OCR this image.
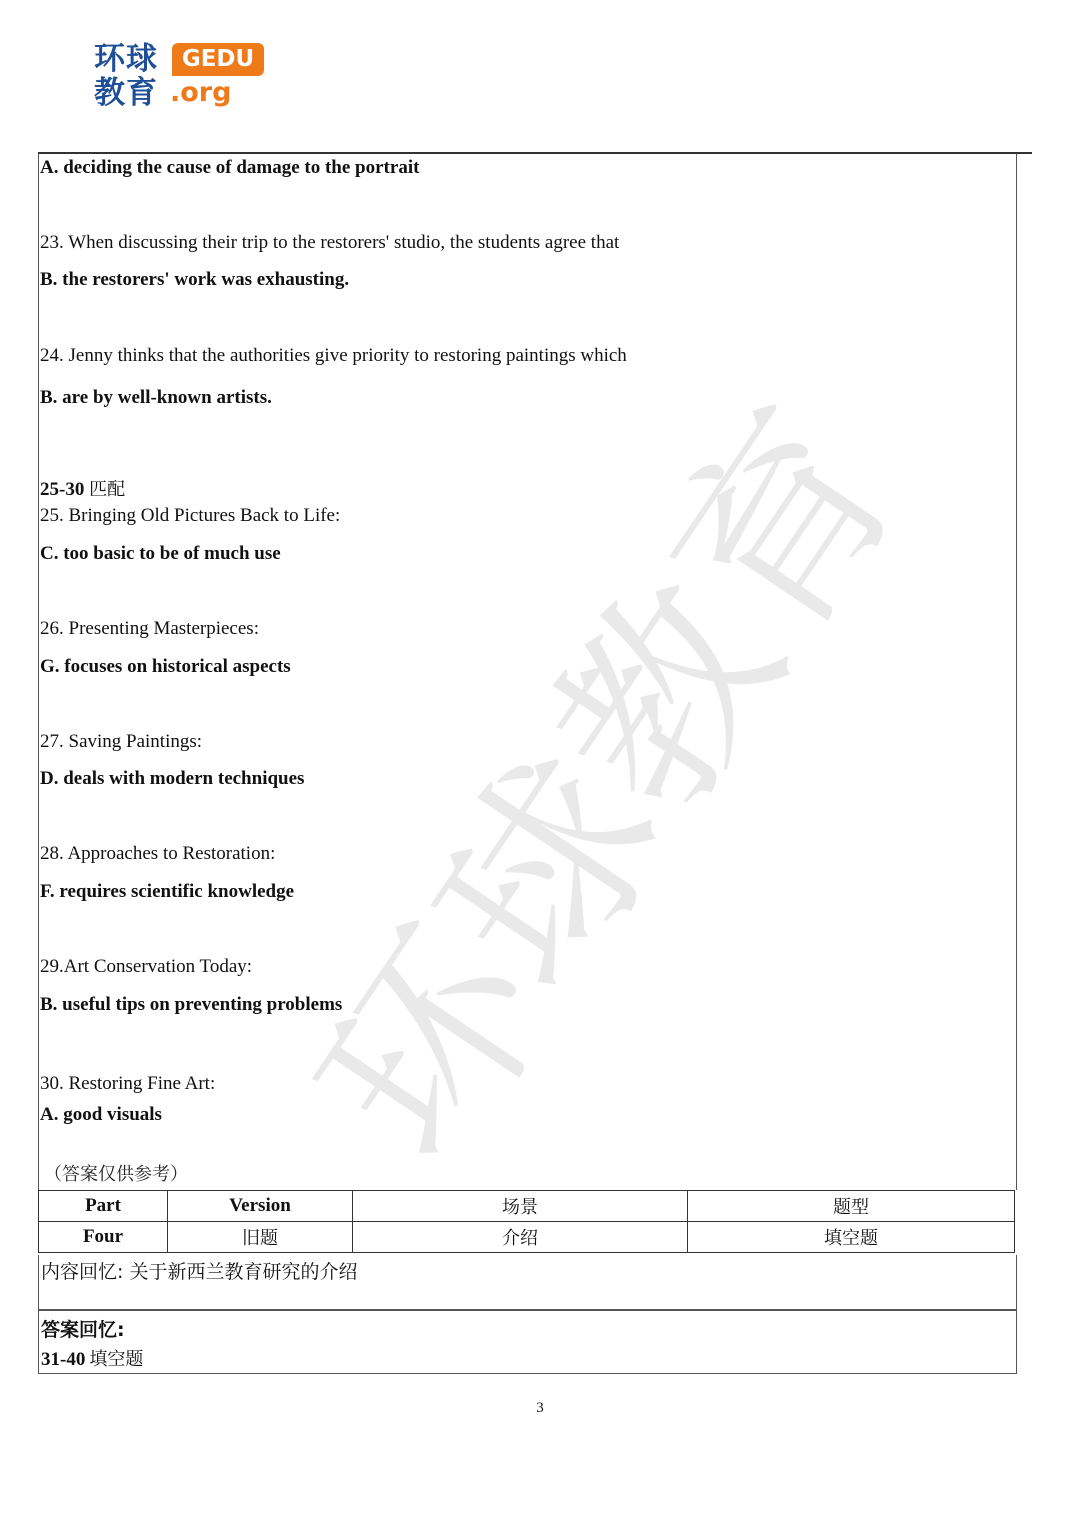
环球
教育
GEDU
.org
环球教育
A. deciding the cause of damage to the portrait
23. When discussing their trip to the restorers' studio, the students agree that
B. the restorers' work was exhausting.
24. Jenny thinks that the authorities give priority to restoring paintings which
B. are by well-known artists.
25-30 匹配
25. Bringing Old Pictures Back to Life:
C. too basic to be of much use
26. Presenting Masterpieces:
G. focuses on historical aspects
27. Saving Paintings:
D. deals with modern techniques
28. Approaches to Restoration:
F. requires scientific knowledge
29.Art Conservation Today:
B. useful tips on preventing problems
30. Restoring Fine Art:
A. good visuals
（答案仅供参考）
Part	Version	场景	题型
Four	旧题	介绍	填空题
内容回忆: 关于新西兰教育研究的介绍
答案回忆:
31-40 填空题
3
